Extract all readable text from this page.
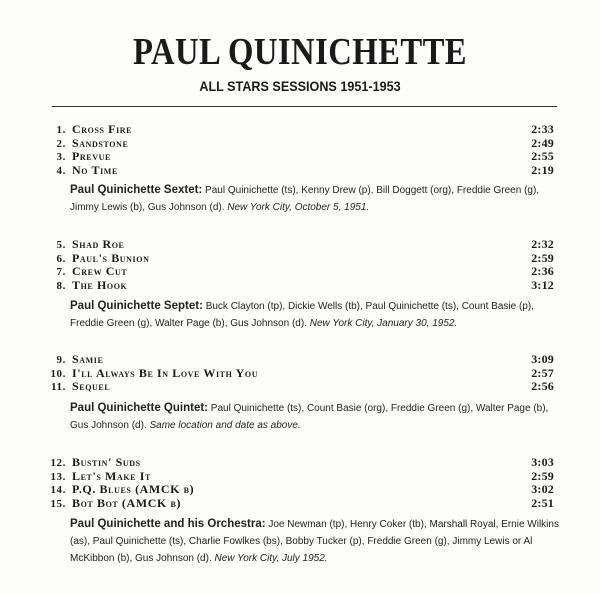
PAUL QUINICHETTE
ALL STARS SESSIONS 1951-1953
1. Cross Fire	2:33
2. Sandstone	2:49
3. Prevue	2:55
4. No Time	2:19
Paul Quinichette Sextet: Paul Quinichette (ts), Kenny Drew (p), Bill Doggett (org), Freddie Green (g), Jimmy Lewis (b), Gus Johnson (d). New York City, October 5, 1951.
5. Shad Roe	2:32
6. Paul's Bunion	2:59
7. Crew Cut	2:36
8. The Hook	3:12
Paul Quinichette Septet: Buck Clayton (tp), Dickie Wells (tb), Paul Quinichette (ts), Count Basie (p), Freddie Green (g), Walter Page (b), Gus Johnson (d). New York City, January 30, 1952.
9. Samie	3:09
10. I'll Always Be In Love With You	2:57
11. Sequel	2:56
Paul Quinichette Quintet: Paul Quinichette (ts), Count Basie (org), Freddie Green (g), Walter Page (b), Gus Johnson (d). Same location and date as above.
12. Bustin' Suds	3:03
13. Let's Make It	2:59
14. P.Q. Blues (AMCK b)	3:02
15. Bot Bot (AMCK b)	2:51
Paul Quinichette and his Orchestra: Joe Newman (tp), Henry Coker (tb), Marshall Royal, Ernie Wilkins (as), Paul Quinichette (ts), Charlie Fowlkes (bs), Bobby Tucker (p), Freddie Green (g), Jimmy Lewis or Al McKibbon (b), Gus Johnson (d). New York City, July 1952.
